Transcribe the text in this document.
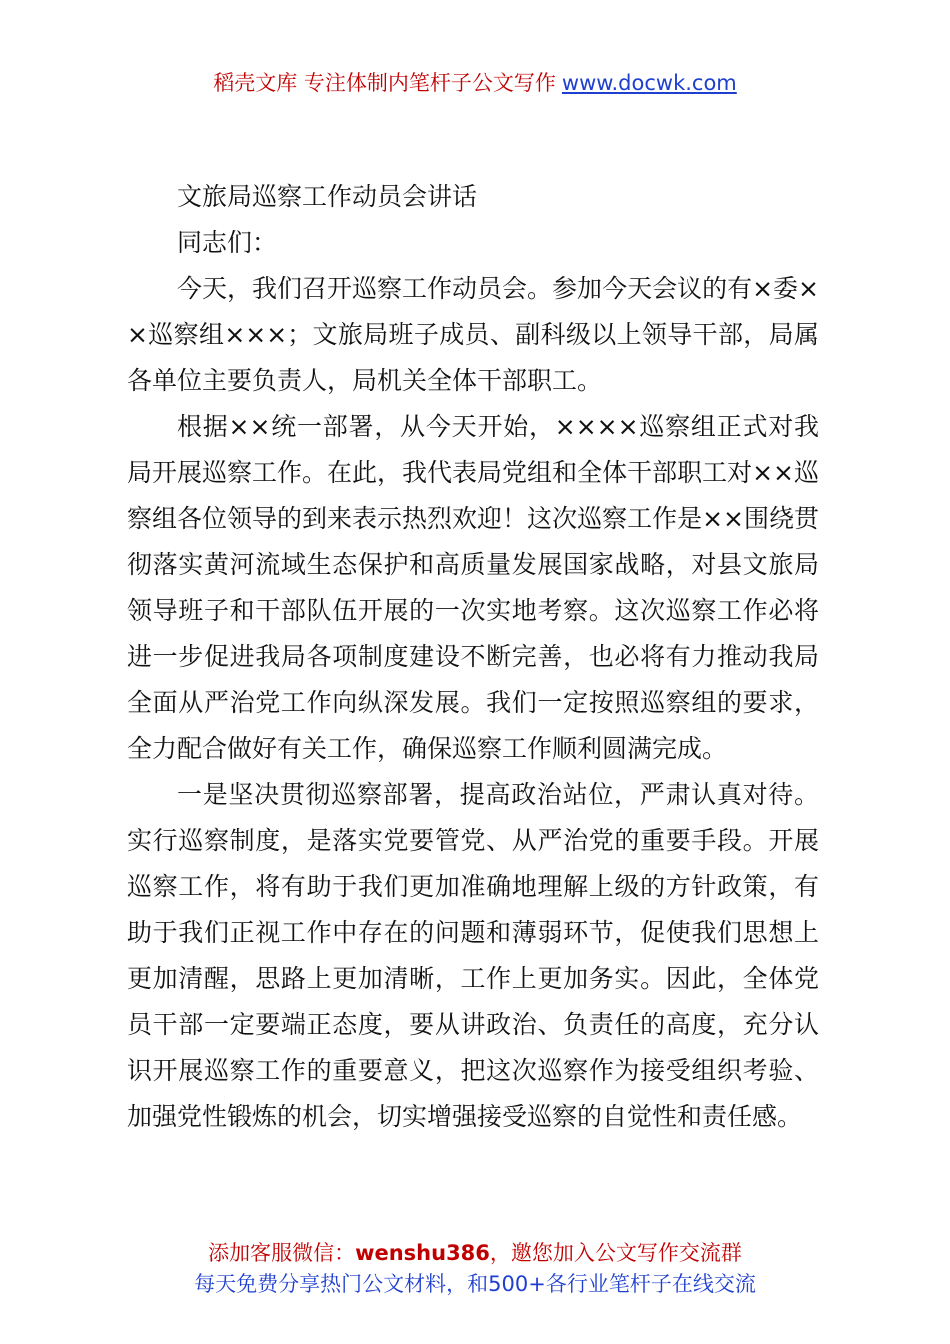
稻壳文库 专注体制内笔杆子公文写作 www.docwk.com

文旅局巡察工作动员会讲话

同志们：

今天，我们召开巡察工作动员会。参加今天会议的有×委××巡察组×××；文旅局班子成员、副科级以上领导干部，局属各单位主要负责人，局机关全体干部职工。

根据××统一部署，从今天开始，××××巡察组正式对我局开展巡察工作。在此，我代表局党组和全体干部职工对××巡察组各位领导的到来表示热烈欢迎！这次巡察工作是××围绕贯彻落实黄河流域生态保护和高质量发展国家战略，对县文旅局领导班子和干部队伍开展的一次实地考察。这次巡察工作必将进一步促进我局各项制度建设不断完善，也必将有力推动我局全面从严治党工作向纵深发展。我们一定按照巡察组的要求，全力配合做好有关工作，确保巡察工作顺利圆满完成。

一是坚决贯彻巡察部署，提高政治站位，严肃认真对待。实行巡察制度，是落实党要管党、从严治党的重要手段。开展巡察工作，将有助于我们更加准确地理解上级的方针政策，有助于我们正视工作中存在的问题和薄弱环节，促使我们思想上更加清醒，思路上更加清晰，工作上更加务实。因此，全体党员干部一定要端正态度，要从讲政治、负责任的高度，充分认识开展巡察工作的重要意义，把这次巡察作为接受组织考验、加强党性锻炼的机会，切实增强接受巡察的自觉性和责任感。

添加客服微信：wenshu386，邀您加入公文写作交流群
每天免费分享热门公文材料，和500+各行业笔杆子在线交流
